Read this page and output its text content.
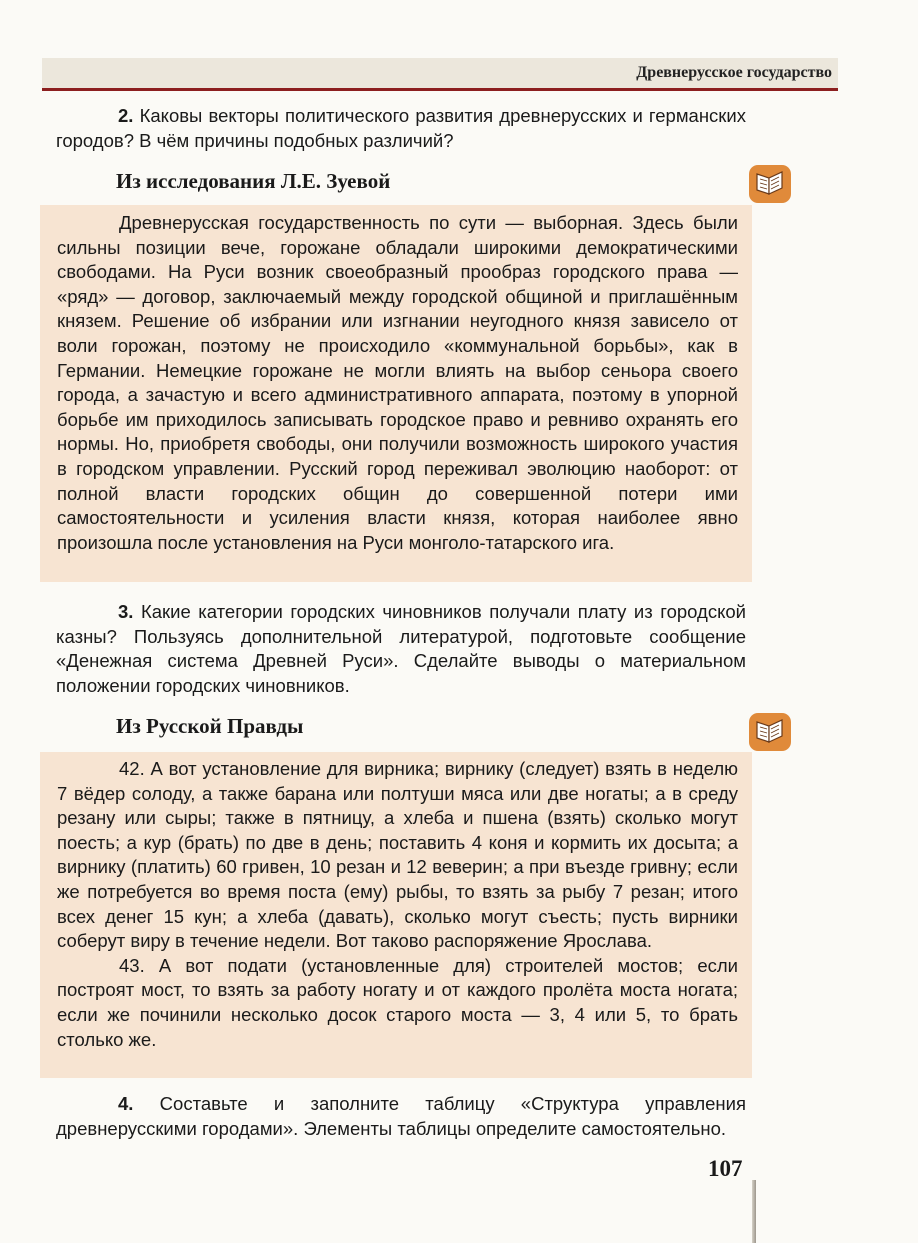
Древнерусское государство

2. Каковы векторы политического развития древнерусских и германских городов? В чём причины подобных различий?

Из исследования Л.Е. Зуевой

Древнерусская государственность по сути — выборная. Здесь были сильны позиции вече, горожане обладали широкими демократическими свободами. На Руси возник своеобразный прообраз городского права — «ряд» — договор, заключаемый между городской общиной и приглашённым князем. Решение об избрании или изгнании неугодного князя зависело от воли горожан, поэтому не происходило «коммунальной борьбы», как в Германии. Немецкие горожане не могли влиять на выбор сеньора своего города, а зачастую и всего административного аппарата, поэтому в упорной борьбе им приходилось записывать городское право и ревниво охранять его нормы. Но, приобретя свободы, они получили возможность широкого участия в городском управлении. Русский город переживал эволюцию наоборот: от полной власти городских общин до совершенной потери ими самостоятельности и усиления власти князя, которая наиболее явно произошла после установления на Руси монголо-татарского ига.

3. Какие категории городских чиновников получали плату из городской казны? Пользуясь дополнительной литературой, подготовьте сообщение «Денежная система Древней Руси». Сделайте выводы о материальном положении городских чиновников.

Из Русской Правды

42. А вот установление для вирника; вирнику (следует) взять в неделю 7 вёдер солоду, а также барана или полтуши мяса или две ногаты; а в среду резану или сыры; также в пятницу, а хлеба и пшена (взять) сколько могут поесть; а кур (брать) по две в день; поставить 4 коня и кормить их досыта; а вирнику (платить) 60 гривен, 10 резан и 12 веверин; а при въезде гривну; если же потребуется во время поста (ему) рыбы, то взять за рыбу 7 резан; итого всех денег 15 кун; а хлеба (давать), сколько могут съесть; пусть вирники соберут виру в течение недели. Вот таково распоряжение Ярослава.

43. А вот подати (установленные для) строителей мостов; если построят мост, то взять за работу ногату и от каждого пролёта моста ногата; если же починили несколько досок старого моста — 3, 4 или 5, то брать столько же.

4. Составьте и заполните таблицу «Структура управления древнерусскими городами». Элементы таблицы определите самостоятельно.

107
